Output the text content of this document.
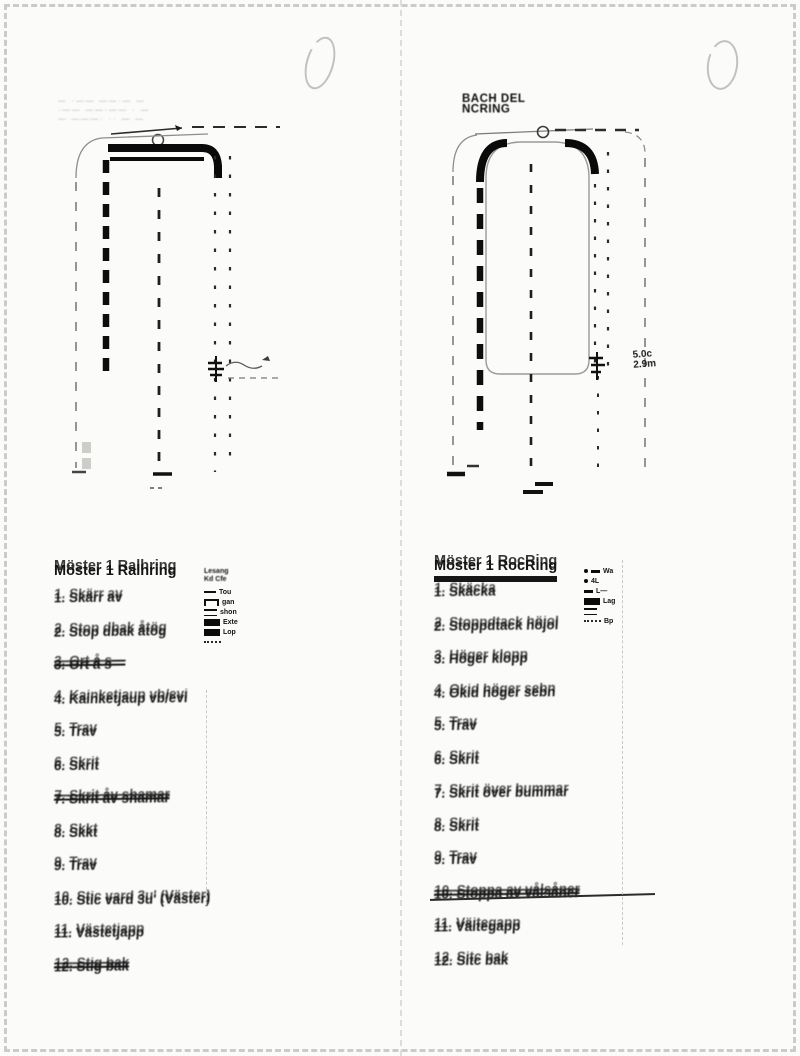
— ·—— ——·— —
·—— ——·—— · —
— ———· ·· — —
Lesang
Kd Cfe
Tou
gan
shon
Exte
Lop
Möster 1 Ralhring
1. Skärr av
2. Stop dbak åtög
3. Ort å s—
4. Kainketjaup vb/evi
5. Trav
6. Skrit
7. Skrit åv shamar
8. Skkt
9. Trav
10. Stic vard 3u' (Väster)
11. Västetjapp
12. Stig bak
BACH DEL
NCRING
5.0c
2.9m
Wa
4L
L—
Lag
Bp
Möster 1 RocRing
1. Skäcka
2. Stoppdtack höjol
3. Höger klopp
4. Okid höger sebn
5. Trav
6. Skrit
7. Skrit över bummar
8. Skrit
9. Trav
10. Stoppa av vålsåner
11. Väitegapp
12. Sitc bak
